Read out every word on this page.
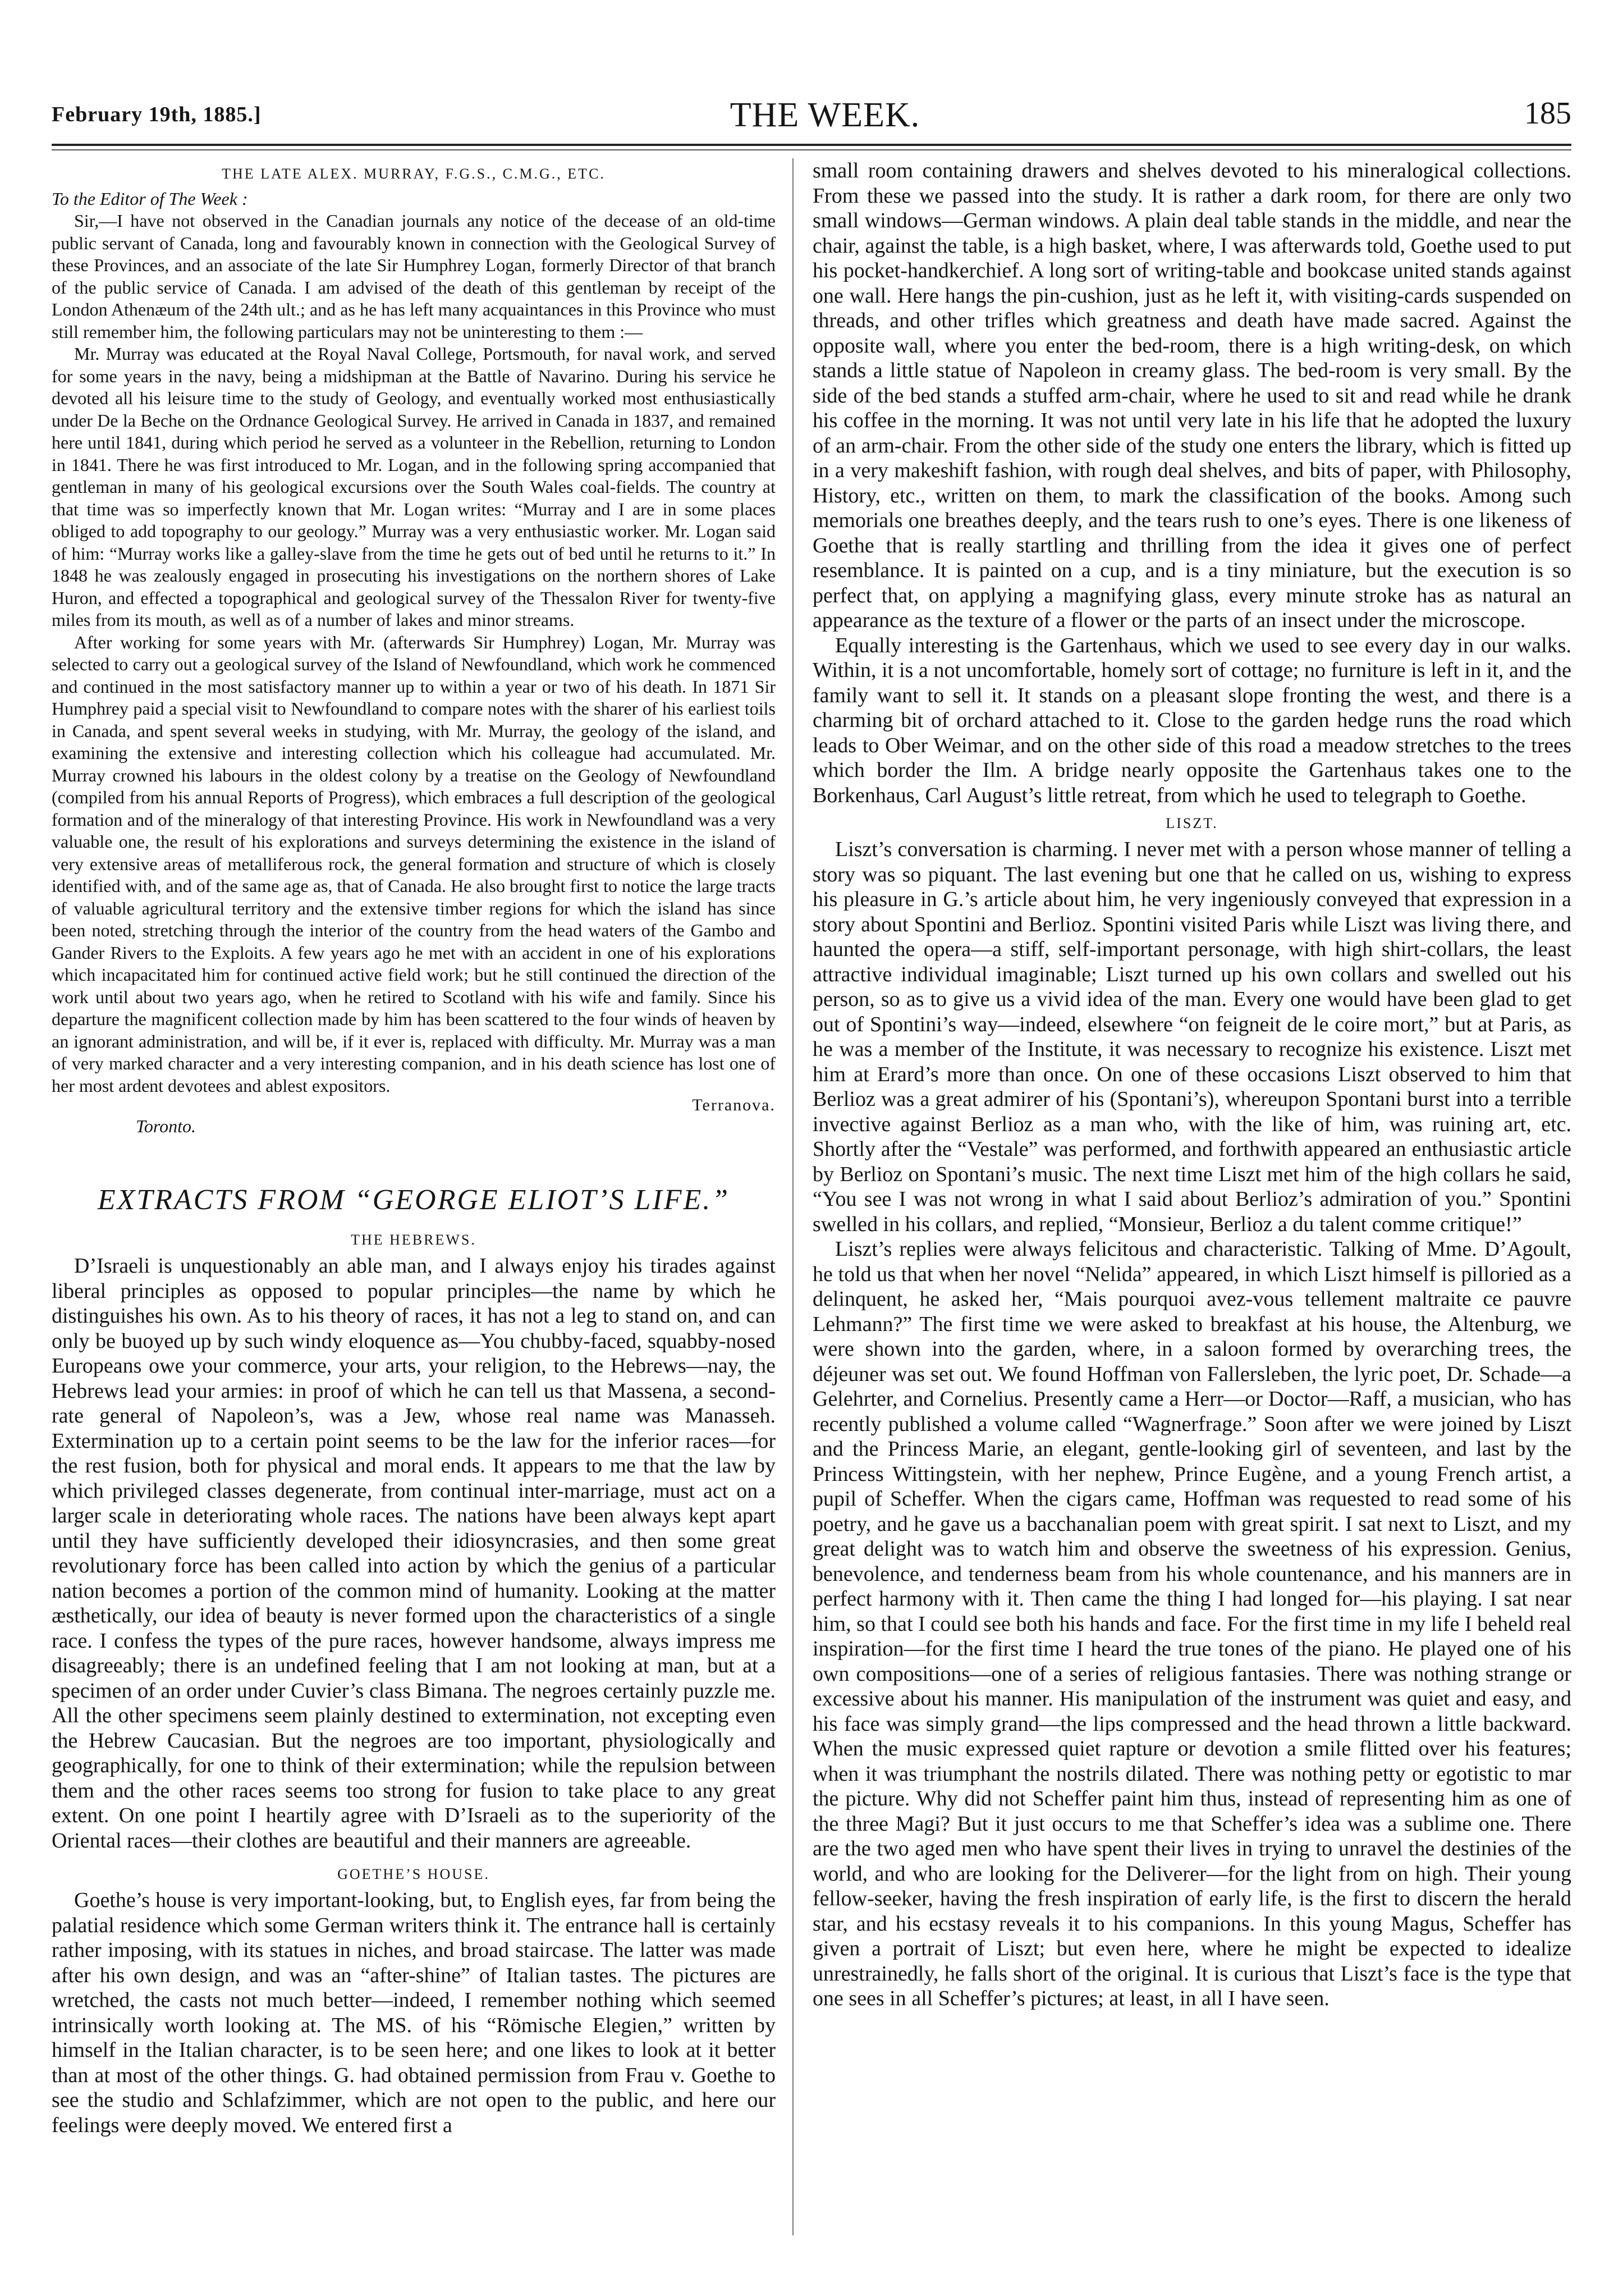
February 19th, 1885.]	THE WEEK.	185
THE LATE ALEX. MURRAY, F.G.S., C.M.G., ETC.
To the Editor of The Week :

Sir,—I have not observed in the Canadian journals any notice of the decease of an old-time public servant of Canada, long and favourably known in connection with the Geological Survey of these Provinces, and an associate of the late Sir Humphrey Logan, formerly Director of that branch of the public service of Canada. I am advised of the death of this gentleman by receipt of the London Athenæum of the 24th ult.; and as he has left many acquaintances in this Province who must still remember him, the following particulars may not be uninteresting to them :—

Mr. Murray was educated at the Royal Naval College, Portsmouth, for naval work, and served for some years in the navy, being a midshipman at the Battle of Navarino. During his service he devoted all his leisure time to the study of Geology, and eventually worked most enthusiastically under De la Beche on the Ordnance Geological Survey. He arrived in Canada in 1837, and remained here until 1841, during which period he served as a volunteer in the Rebellion, returning to London in 1841. There he was first introduced to Mr. Logan, and in the following spring accompanied that gentleman in many of his geological excursions over the South Wales coal-fields. The country at that time was so imperfectly known that Mr. Logan writes: “Murray and I are in some places obliged to add topography to our geology.” Murray was a very enthusiastic worker. Mr. Logan said of him: “Murray works like a galley-slave from the time he gets out of bed until he returns to it.” In 1848 he was zealously engaged in prosecuting his investigations on the northern shores of Lake Huron, and effected a topographical and geological survey of the Thessalon River for twenty-five miles from its mouth, as well as of a number of lakes and minor streams.

After working for some years with Mr. (afterwards Sir Humphrey) Logan, Mr. Murray was selected to carry out a geological survey of the Island of Newfoundland, which work he commenced and continued in the most satisfactory manner up to within a year or two of his death. In 1871 Sir Humphrey paid a special visit to Newfoundland to compare notes with the sharer of his earliest toils in Canada, and spent several weeks in studying, with Mr. Murray, the geology of the island, and examining the extensive and interesting collection which his colleague had accumulated. Mr. Murray crowned his labours in the oldest colony by a treatise on the Geology of Newfoundland (compiled from his annual Reports of Progress), which embraces a full description of the geological formation and of the mineralogy of that interesting Province. His work in Newfoundland was a very valuable one, the result of his explorations and surveys determining the existence in the island of very extensive areas of metalliferous rock, the general formation and structure of which is closely identified with, and of the same age as, that of Canada. He also brought first to notice the large tracts of valuable agricultural territory and the extensive timber regions for which the island has since been noted, stretching through the interior of the country from the head waters of the Gambo and Gander Rivers to the Exploits. A few years ago he met with an accident in one of his explorations which incapacitated him for continued active field work; but he still continued the direction of the work until about two years ago, when he retired to Scotland with his wife and family. Since his departure the magnificent collection made by him has been scattered to the four winds of heaven by an ignorant administration, and will be, if it ever is, replaced with difficulty. Mr. Murray was a man of very marked character and a very interesting companion, and in his death science has lost one of her most ardent devotees and ablest expositors.

Terranova.
Toronto.
EXTRACTS FROM “GEORGE ELIOT’S LIFE.”
THE HEBREWS.

D’Israeli is unquestionably an able man, and I always enjoy his tirades against liberal principles as opposed to popular principles—the name by which he distinguishes his own. As to his theory of races, it has not a leg to stand on, and can only be buoyed up by such windy eloquence as—You chubby-faced, squabby-nosed Europeans owe your commerce, your arts, your religion, to the Hebrews—nay, the Hebrews lead your armies: in proof of which he can tell us that Massena, a second-rate general of Napoleon’s, was a Jew, whose real name was Manasseh. Extermination up to a certain point seems to be the law for the inferior races—for the rest fusion, both for physical and moral ends. It appears to me that the law by which privileged classes degenerate, from continual inter-marriage, must act on a larger scale in deteriorating whole races. The nations have been always kept apart until they have sufficiently developed their idiosyncrasies, and then some great revolutionary force has been called into action by which the genius of a particular nation becomes a portion of the common mind of humanity. Looking at the matter æsthetically, our idea of beauty is never formed upon the characteristics of a single race. I confess the types of the pure races, however handsome, always impress me disagreeably; there is an undefined feeling that I am not looking at man, but at a specimen of an order under Cuvier’s class Bimana. The negroes certainly puzzle me. All the other specimens seem plainly destined to extermination, not excepting even the Hebrew Caucasian. But the negroes are too important, physiologically and geographically, for one to think of their extermination; while the repulsion between them and the other races seems too strong for fusion to take place to any great extent. On one point I heartily agree with D’Israeli as to the superiority of the Oriental races—their clothes are beautiful and their manners are agreeable.

GOETHE’S HOUSE.

Goethe’s house is very important-looking, but, to English eyes, far from being the palatial residence which some German writers think it. The entrance hall is certainly rather imposing, with its statues in niches, and broad staircase. The latter was made after his own design, and was an “after-shine” of Italian tastes. The pictures are wretched, the casts not much better—indeed, I remember nothing which seemed intrinsically worth looking at. The MS. of his “Römische Elegien,” written by himself in the Italian character, is to be seen here; and one likes to look at it better than at most of the other things. G. had obtained permission from Frau v. Goethe to see the studio and Schlafzimmer, which are not open to the public, and here our feelings were deeply moved. We entered first a

small room containing drawers and shelves devoted to his mineralogical collections. From these we passed into the study. It is rather a dark room, for there are only two small windows—German windows. A plain deal table stands in the middle, and near the chair, against the table, is a high basket, where, I was afterwards told, Goethe used to put his pocket-handkerchief. A long sort of writing-table and bookcase united stands against one wall. Here hangs the pin-cushion, just as he left it, with visiting-cards suspended on threads, and other trifles which greatness and death have made sacred. Against the opposite wall, where you enter the bed-room, there is a high writing-desk, on which stands a little statue of Napoleon in creamy glass. The bed-room is very small. By the side of the bed stands a stuffed arm-chair, where he used to sit and read while he drank his coffee in the morning. It was not until very late in his life that he adopted the luxury of an arm-chair. From the other side of the study one enters the library, which is fitted up in a very makeshift fashion, with rough deal shelves, and bits of paper, with Philosophy, History, etc., written on them, to mark the classification of the books. Among such memorials one breathes deeply, and the tears rush to one’s eyes. There is one likeness of Goethe that is really startling and thrilling from the idea it gives one of perfect resemblance. It is painted on a cup, and is a tiny miniature, but the execution is so perfect that, on applying a magnifying glass, every minute stroke has as natural an appearance as the texture of a flower or the parts of an insect under the microscope.

Equally interesting is the Gartenhaus, which we used to see every day in our walks. Within, it is a not uncomfortable, homely sort of cottage; no furniture is left in it, and the family want to sell it. It stands on a pleasant slope fronting the west, and there is a charming bit of orchard attached to it. Close to the garden hedge runs the road which leads to Ober Weimar, and on the other side of this road a meadow stretches to the trees which border the Ilm. A bridge nearly opposite the Gartenhaus takes one to the Borkenhaus, Carl August’s little retreat, from which he used to telegraph to Goethe.

LISZT.

Liszt’s conversation is charming. I never met with a person whose manner of telling a story was so piquant. The last evening but one that he called on us, wishing to express his pleasure in G.’s article about him, he very ingeniously conveyed that expression in a story about Spontini and Berlioz. Spontini visited Paris while Liszt was living there, and haunted the opera—a stiff, self-important personage, with high shirt-collars, the least attractive individual imaginable; Liszt turned up his own collars and swelled out his person, so as to give us a vivid idea of the man. Every one would have been glad to get out of Spontini’s way—indeed, elsewhere “on feigneit de le coire mort,” but at Paris, as he was a member of the Institute, it was necessary to recognize his existence. Liszt met him at Erard’s more than once. On one of these occasions Liszt observed to him that Berlioz was a great admirer of his (Spontani’s), whereupon Spontani burst into a terrible invective against Berlioz as a man who, with the like of him, was ruining art, etc. Shortly after the “Vestale” was performed, and forthwith appeared an enthusiastic article by Berlioz on Spontani’s music. The next time Liszt met him of the high collars he said, “You see I was not wrong in what I said about Berlioz’s admiration of you.” Spontini swelled in his collars, and replied, “Monsieur, Berlioz a du talent comme critique!”

Liszt’s replies were always felicitous and characteristic. Talking of Mme. D’Agoult, he told us that when her novel “Nelida” appeared, in which Liszt himself is pilloried as a delinquent, he asked her, “Mais pourquoi avez-vous tellement maltraite ce pauvre Lehmann?” The first time we were asked to breakfast at his house, the Altenburg, we were shown into the garden, where, in a saloon formed by overarching trees, the déjeuner was set out. We found Hoffman von Fallersleben, the lyric poet, Dr. Schade—a Gelehrter, and Cornelius. Presently came a Herr—or Doctor—Raff, a musician, who has recently published a volume called “Wagnerfrage.” Soon after we were joined by Liszt and the Princess Marie, an elegant, gentle-looking girl of seventeen, and last by the Princess Wittingstein, with her nephew, Prince Eugène, and a young French artist, a pupil of Scheffer. When the cigars came, Hoffman was requested to read some of his poetry, and he gave us a bacchanalian poem with great spirit. I sat next to Liszt, and my great delight was to watch him and observe the sweetness of his expression. Genius, benevolence, and tenderness beam from his whole countenance, and his manners are in perfect harmony with it. Then came the thing I had longed for—his playing. I sat near him, so that I could see both his hands and face. For the first time in my life I beheld real inspiration—for the first time I heard the true tones of the piano. He played one of his own compositions—one of a series of religious fantasies. There was nothing strange or excessive about his manner. His manipulation of the instrument was quiet and easy, and his face was simply grand—the lips compressed and the head thrown a little backward. When the music expressed quiet rapture or devotion a smile flitted over his features; when it was triumphant the nostrils dilated. There was nothing petty or egotistic to mar the picture. Why did not Scheffer paint him thus, instead of representing him as one of the three Magi? But it just occurs to me that Scheffer’s idea was a sublime one. There are the two aged men who have spent their lives in trying to unravel the destinies of the world, and who are looking for the Deliverer—for the light from on high. Their young fellow-seeker, having the fresh inspiration of early life, is the first to discern the herald star, and his ecstasy reveals it to his companions. In this young Magus, Scheffer has given a portrait of Liszt; but even here, where he might be expected to idealize unrestrainedly, he falls short of the original. It is curious that Liszt’s face is the type that one sees in all Scheffer’s pictures; at least, in all I have seen.
